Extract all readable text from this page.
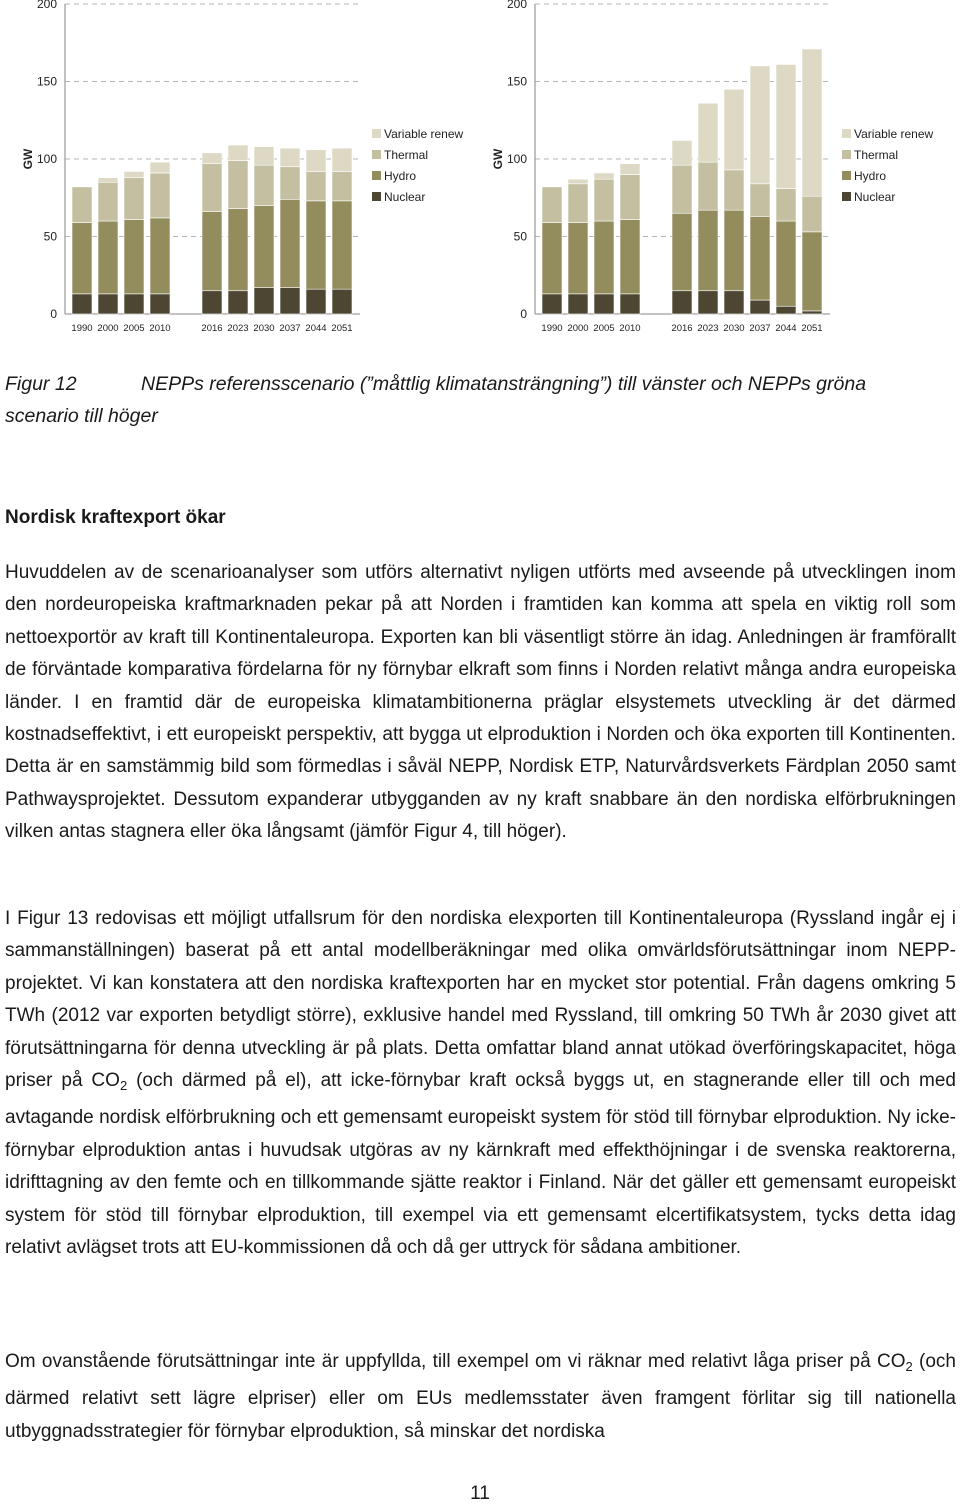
0
50
100
150
200
GW
1990 2000 2005 2010	2016 2023 2030 2037 2044 2051
Variable renew
Thermal
Hydro
Nuclear
0
50
100
150
200
GW
1990 2000 2005 2010	2016 2023 2030 2037 2044 2051
Variable renew
Thermal
Hydro
Nuclear
Figur 12	NEPPs referensscenario (”måttlig klimatansträngning”) till vänster och NEPPs gröna
scenario till höger
Nordisk kraftexport ökar

Huvuddelen av de scenarioanalyser som utförs alternativt nyligen utförts med avseende på utvecklingen inom den nordeuropeiska kraftmarknaden pekar på att Norden i framtiden kan komma att spela en viktig roll som nettoexportör av kraft till Kontinentaleuropa. Exporten kan bli väsentligt större än idag. Anledningen är framförallt de förväntade komparativa fördelarna för ny förnybar elkraft som finns i Norden relativt många andra europeiska länder. I en framtid där de europeiska klimatambitionerna präglar elsystemets utveckling är det därmed kostnadseffektivt, i ett europeiskt perspektiv, att bygga ut elproduktion i Norden och öka exporten till Kontinenten. Detta är en samstämmig bild som förmedlas i såväl NEPP, Nordisk ETP, Naturvårdsverkets Färdplan 2050 samt Pathwaysprojektet. Dessutom expanderar utbygganden av ny kraft snabbare än den nordiska elförbrukningen vilken antas stagnera eller öka långsamt (jämför Figur 4, till höger).

I Figur 13 redovisas ett möjligt utfallsrum för den nordiska elexporten till Kontinentaleuropa (Ryssland ingår ej i sammanställningen) baserat på ett antal modellberäkningar med olika omvärldsförutsättningar inom NEPP-projektet. Vi kan konstatera att den nordiska kraftexporten har en mycket stor potential. Från dagens omkring 5 TWh (2012 var exporten betydligt större), exklusive handel med Ryssland, till omkring 50 TWh år 2030 givet att förutsättningarna för denna utveckling är på plats. Detta omfattar bland annat utökad överföringskapacitet, höga priser på $CO_2$ (och därmed på el), att icke-förnybar kraft också byggs ut, en stagnerande eller till och med avtagande nordisk elförbrukning och ett gemensamt europeiskt system för stöd till förnybar elproduktion. Ny icke-förnybar elproduktion antas i huvudsak utgöras av ny kärnkraft med effekthöjningar i de svenska reaktorerna, idrifttagning av den femte och en tillkommande sjätte reaktor i Finland. När det gäller ett gemensamt europeiskt system för stöd till förnybar elproduktion, till exempel via ett gemensamt elcertifikatsystem, tycks detta idag relativt avlägset trots att EU-kommissionen då och då ger uttryck för sådana ambitioner.

Om ovanstående förutsättningar inte är uppfyllda, till exempel om vi räknar med relativt låga priser på $CO_2$ (och därmed relativt sett lägre elpriser) eller om EUs medlemsstater även framgent förlitar sig till nationella utbyggnadsstrategier för förnybar elproduktion, så minskar det nordiska

11
